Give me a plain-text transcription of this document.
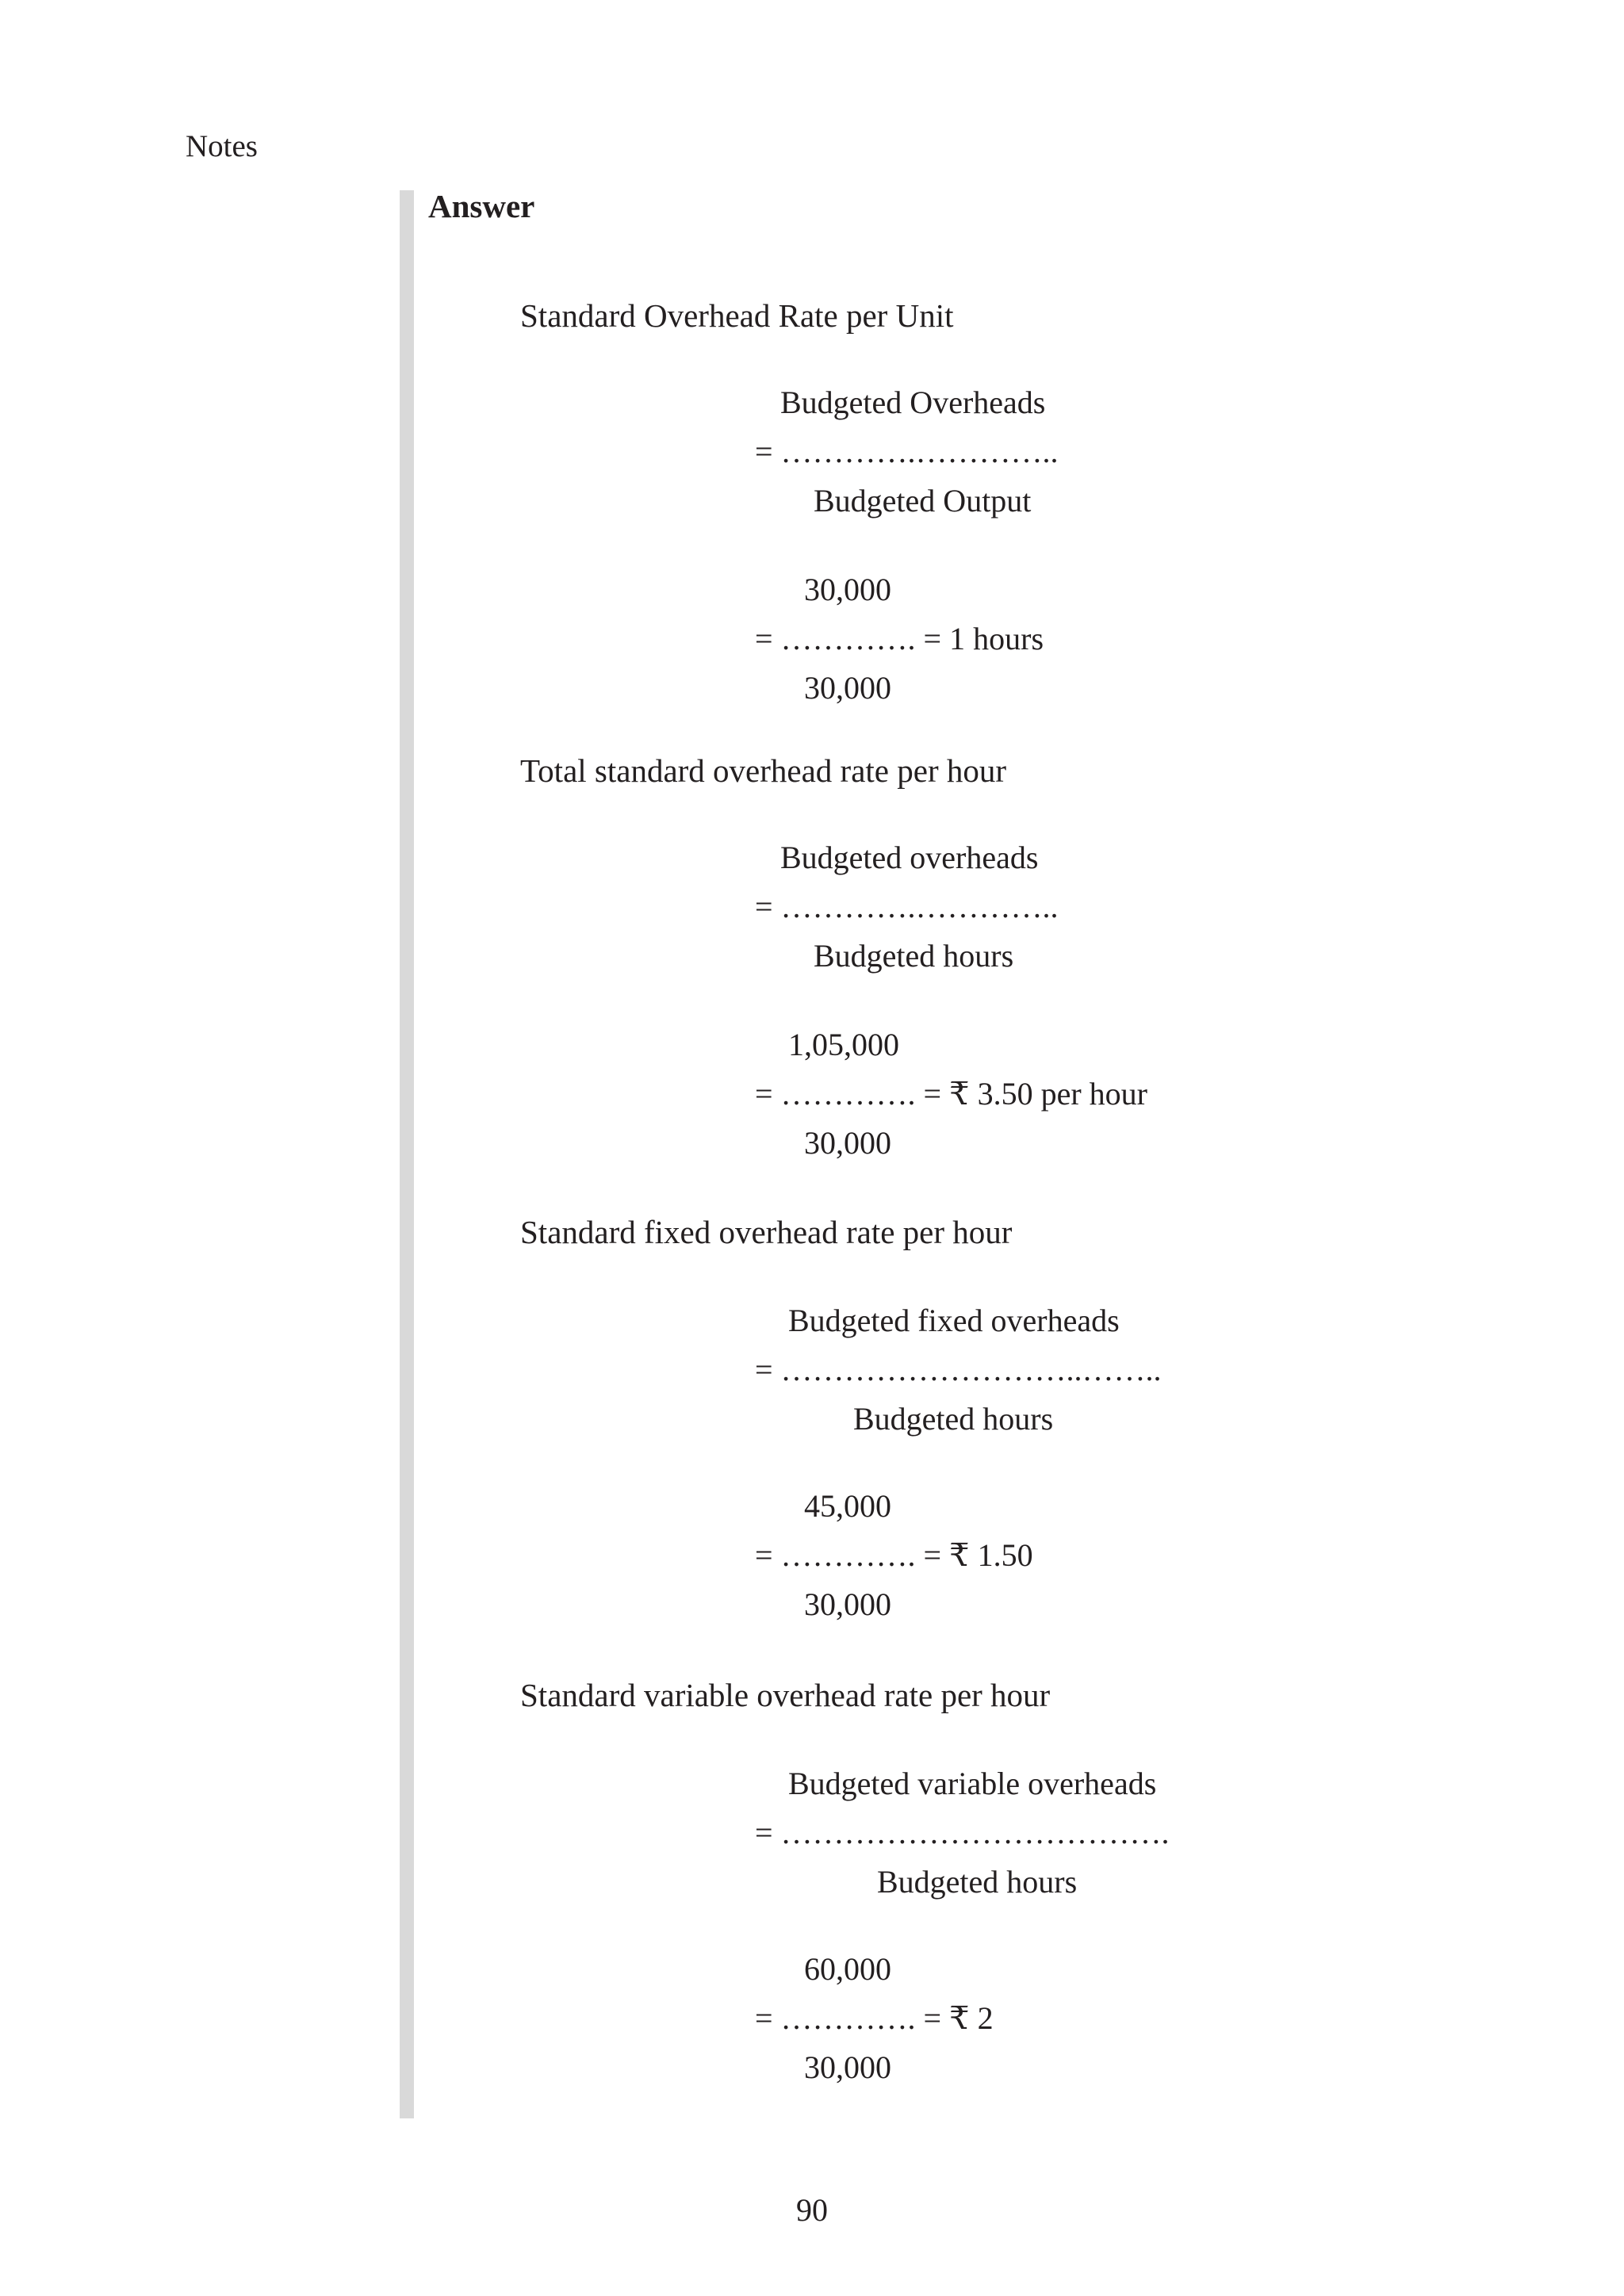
Notes
Answer
Standard Overhead Rate per Unit
Budgeted Overheads
= ………….…………..
Budgeted Output
30,000
= …………. = 1 hours
30,000
Total standard overhead rate per hour
Budgeted overheads
= ………….…………..
Budgeted hours
1,05,000
= …………. = ₹ 3.50 per hour
30,000
Standard fixed overhead rate per hour
Budgeted fixed overheads
= ………………………..……..
Budgeted hours
45,000
= …………. = ₹ 1.50
30,000
Standard variable overhead rate per hour
Budgeted variable overheads
= ……………………………….
Budgeted hours
60,000
= …………. = ₹ 2
30,000
90
